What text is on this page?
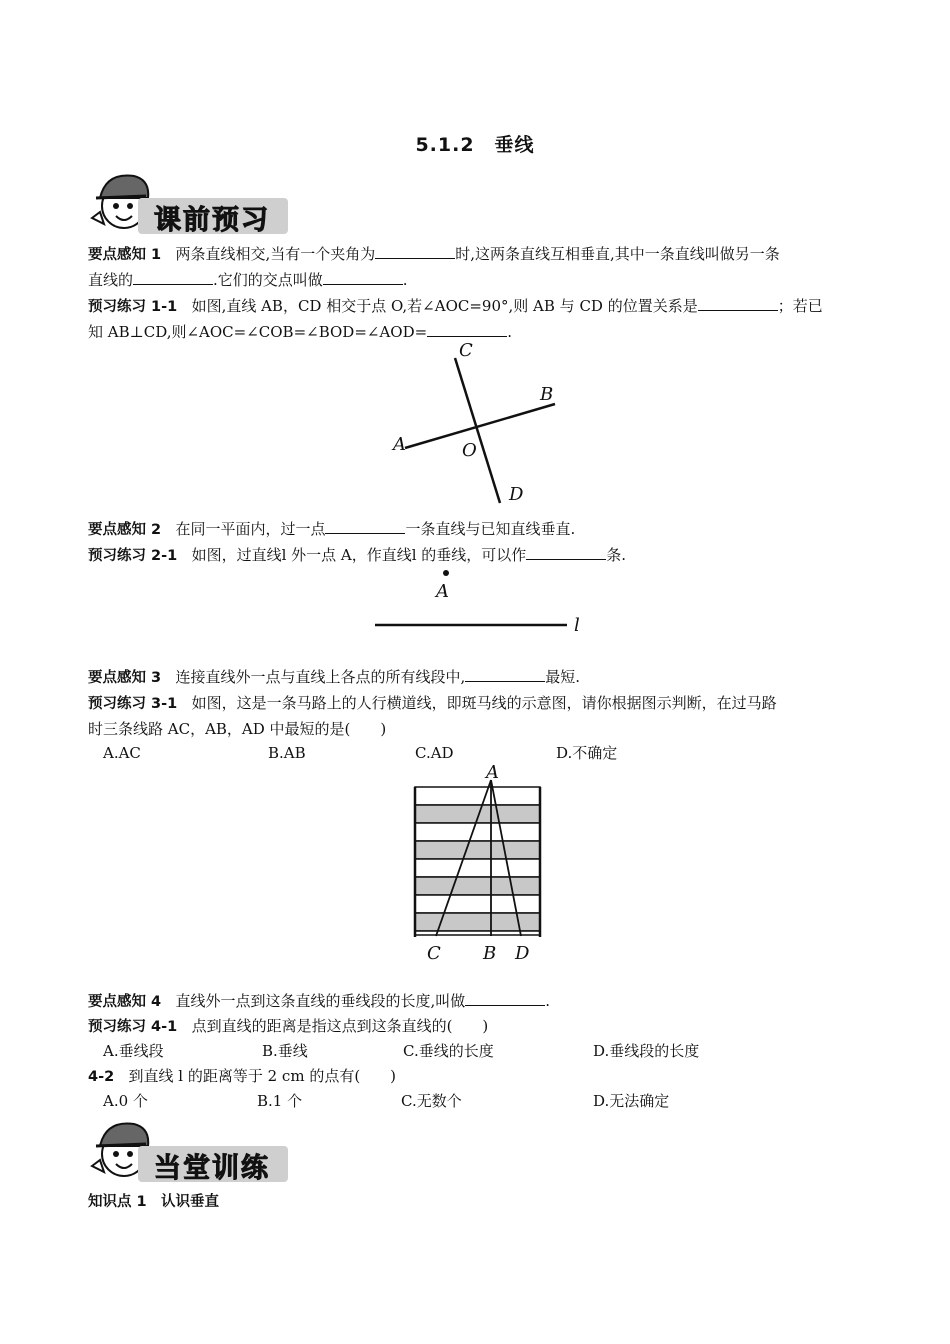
5.1.2　垂线
课前预习
要点感知 1 两条直线相交,当有一个夹角为	时,这两条直线互相垂直,其中一条直线叫做另一条
直线的	.它们的交点叫做	.
预习练习 1-1 如图,直线 AB，CD 相交于点 O,若∠AOC=90°,则 AB 与 CD 的位置关系是	；若已
知 AB⊥CD,则∠AOC=∠COB=∠BOD=∠AOD=	.
C
B
A	O
D
要点感知 2 在同一平面内，过一点	一条直线与已知直线垂直.
预习练习 2-1 如图，过直线l 外一点 A，作直线l 的垂线，可以作	条.
A
l
要点感知 3 连接直线外一点与直线上各点的所有线段中,	最短.
预习练习 3-1 如图，这是一条马路上的人行横道线，即斑马线的示意图，请你根据图示判断，在过马路
时三条线路 AC，AB，AD 中最短的是(　　)
A.AC	B.AB	C.AD	D.不确定
A
C B D
要点感知 4 直线外一点到这条直线的垂线段的长度,叫做	.
预习练习 4-1 点到直线的距离是指这点到这条直线的(　　)
A.垂线段	B.垂线	C.垂线的长度	D.垂线段的长度
4-2 到直线 l 的距离等于 2 cm 的点有(　　)
A.0 个	B.1 个	C.无数个	D.无法确定
当堂训练
知识点 1 认识垂直
